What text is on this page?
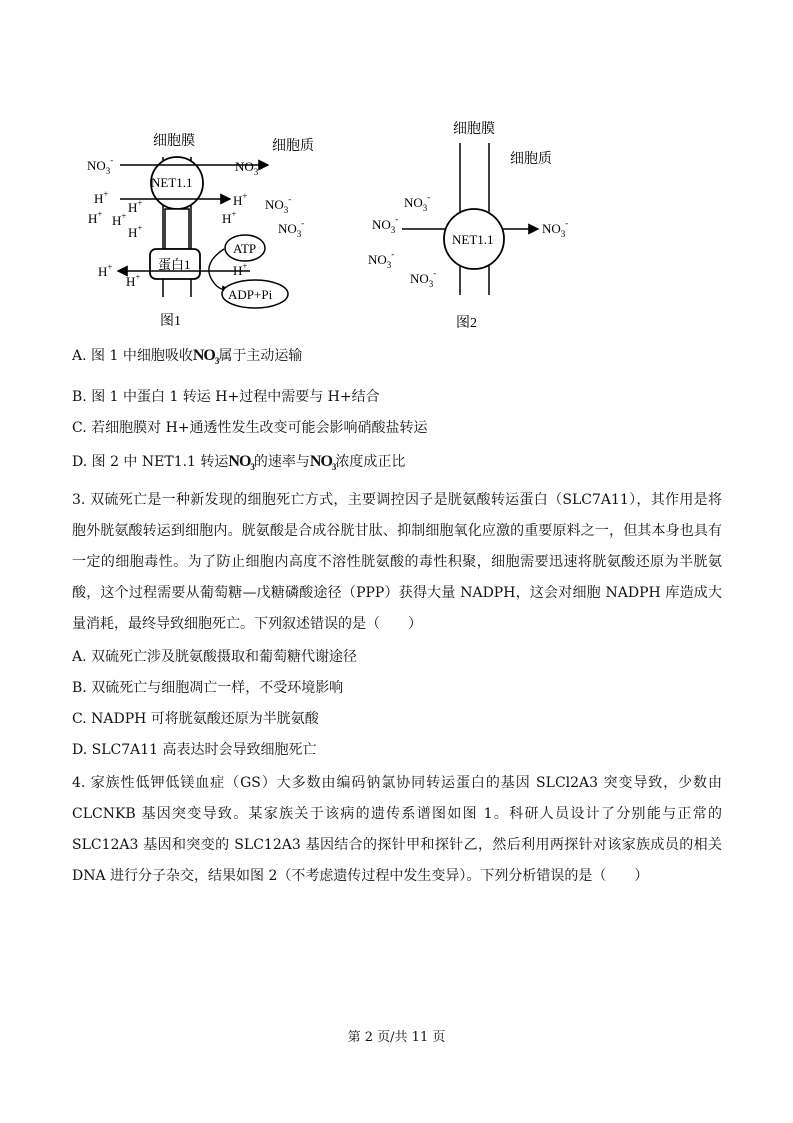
细胞膜	细胞质
NET1.1
蛋白1
ATP
ADP+Pi
$NO_3^-$	$NO_3^-$
$NO_3^-$
$NO_3^-$
H+	H+
H+
H+ H+	H+
H+
H+
H+	H+
图1
细胞膜
细胞质
NET1.1
$NO_3^-$
$NO_3^-$
$NO_3^-$
$NO_3^-$
$NO_3^-$
图2
A. 图 1 中细胞吸收$NO_3$属于主动运输
B. 图 1 中蛋白 1 转运 H+过程中需要与 H+结合
C. 若细胞膜对 H+通透性发生改变可能会影响硝酸盐转运
D. 图 2 中 NET1.1 转运$NO_3$的速率与$NO_3$浓度成正比
3. 双硫死亡是一种新发现的细胞死亡方式，主要调控因子是胱氨酸转运蛋白（SLC7A11），其作用是将胞外胱氨酸转运到细胞内。胱氨酸是合成谷胱甘肽、抑制细胞氧化应激的重要原料之一，但其本身也具有一定的细胞毒性。为了防止细胞内高度不溶性胱氨酸的毒性积聚，细胞需要迅速将胱氨酸还原为半胱氨酸，这个过程需要从葡萄糖—戊糖磷酸途径（PPP）获得大量 NADPH，这会对细胞 NADPH 库造成大量消耗，最终导致细胞死亡。下列叙述错误的是（　　）
A. 双硫死亡涉及胱氨酸摄取和葡萄糖代谢途径
B. 双硫死亡与细胞凋亡一样，不受环境影响
C. NADPH 可将胱氨酸还原为半胱氨酸
D. SLC7A11 高表达时会导致细胞死亡
4. 家族性低钾低镁血症（GS）大多数由编码钠氯协同转运蛋白的基因 SLCl2A3 突变导致，少数由 CLCNKB 基因突变导致。某家族关于该病的遗传系谱图如图 1。科研人员设计了分别能与正常的 SLC12A3 基因和突变的 SLC12A3 基因结合的探针甲和探针乙，然后利用两探针对该家族成员的相关 DNA 进行分子杂交，结果如图 2（不考虑遗传过程中发生变异）。下列分析错误的是（　　）
第 2 页/共 11 页
